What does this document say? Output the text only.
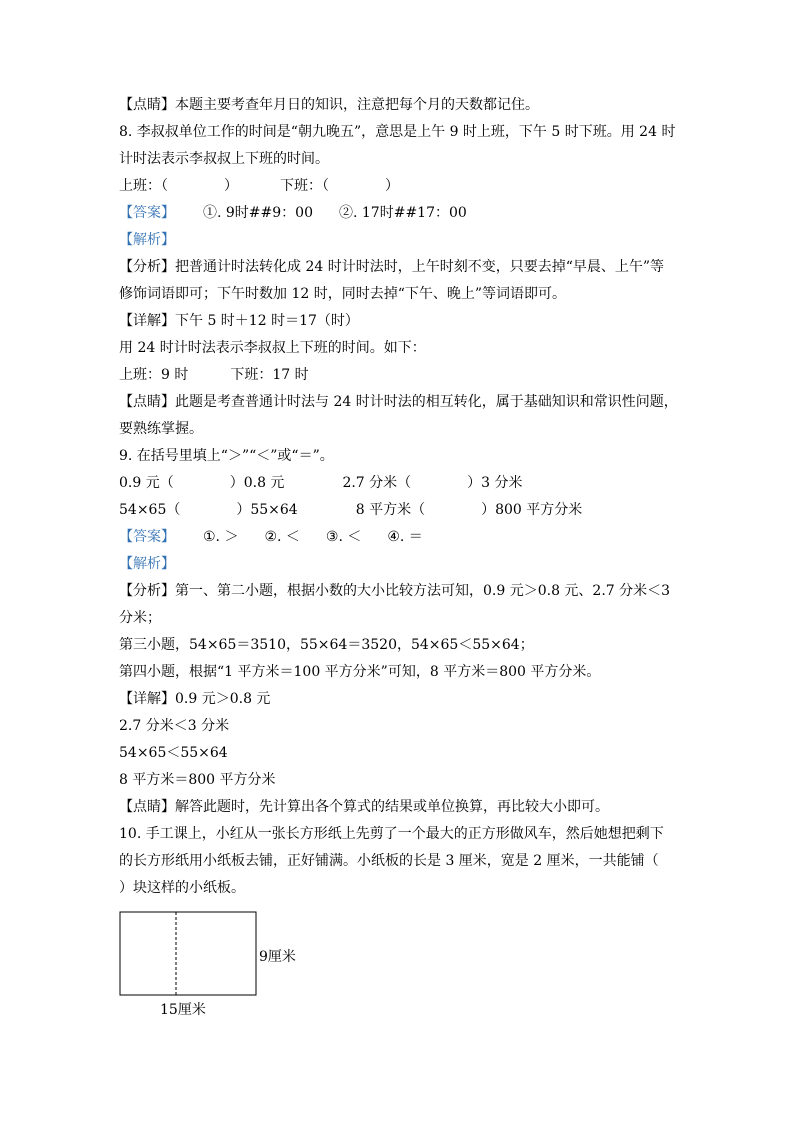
【点睛】本题主要考查年月日的知识，注意把每个月的天数都记住。
8. 李叔叔单位工作的时间是“朝九晚五”，意思是上午 9 时上班，下午 5 时下班。用 24 时
计时法表示李叔叔上下班的时间。
上班：（	）	下班：（	）
【答案】 ①. 9时##9：00 ②. 17时##17：00
【解析】
【分析】把普通计时法转化成 24 时计时法时，上午时刻不变，只要去掉“早晨、上午”等
修饰词语即可；下午时数加 12 时，同时去掉“下午、晚上”等词语即可。
【详解】下午 5 时＋12 时＝17（时）
用 24 时计时法表示李叔叔上下班的时间。如下：
上班：9 时	下班：17 时
【点睛】此题是考查普通计时法与 24 时计时法的相互转化，属于基础知识和常识性问题，
要熟练掌握。
9. 在括号里填上“＞”“＜”或“＝”。
0.9 元（	）0.8 元	2.7 分米（	）3 分米
54×65（	）55×64	8 平方米（	）800 平方分米
【答案】 ①. ＞ ②. ＜ ③. ＜ ④. ＝
【解析】
【分析】第一、第二小题，根据小数的大小比较方法可知，0.9 元＞0.8 元、2.7 分米＜3
分米；
第三小题，54×65＝3510，55×64＝3520，54×65＜55×64；
第四小题，根据“1 平方米＝100 平方分米”可知，8 平方米＝800 平方分米。
【详解】0.9 元＞0.8 元
2.7 分米＜3 分米
54×65＜55×64
8 平方米＝800 平方分米
【点睛】解答此题时，先计算出各个算式的结果或单位换算，再比较大小即可。
10. 手工课上，小红从一张长方形纸上先剪了一个最大的正方形做风车，然后她想把剩下
的长方形纸用小纸板去铺，正好铺满。小纸板的长是 3 厘米，宽是 2 厘米，一共能铺（
）块这样的小纸板。
9厘米
15厘米
